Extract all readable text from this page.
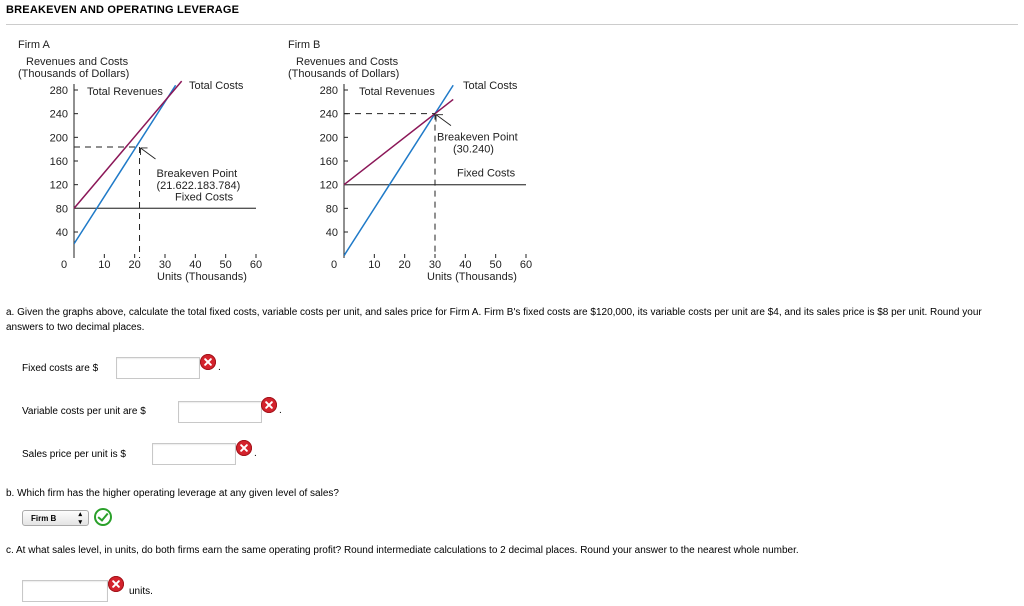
BREAKEVEN AND OPERATING LEVERAGE
Firm A
Revenues and Costs
(Thousands of Dollars)
280
240
200
160
120
80
40
0	10 20 30 40 50 60
Units (Thousands)
Breakeven Point
(21.622.183.784)
Fixed Costs
Total Revenues Total Costs
Firm B
Revenues and Costs
(Thousands of Dollars)
280
240
200
160
120
80
40
0	10 20 30 40 50 60
Units (Thousands)
Breakeven Point
(30.240)
Fixed Costs
Total Revenues	Total Costs
a. Given the graphs above, calculate the total fixed costs, variable costs per unit, and sales price for Firm A. Firm B's fixed costs are $120,000, its variable costs per unit are $4, and its sales price is $8 per unit. Round your answers to two decimal places.
Fixed costs are $	.
Variable costs per unit are $	.
Sales price per unit is $	.
b. Which firm has the higher operating leverage at any given level of sales?
Firm B	▴
▾
c. At what sales level, in units, do both firms earn the same operating profit? Round intermediate calculations to 2 decimal places. Round your answer to the nearest whole number.
units.
